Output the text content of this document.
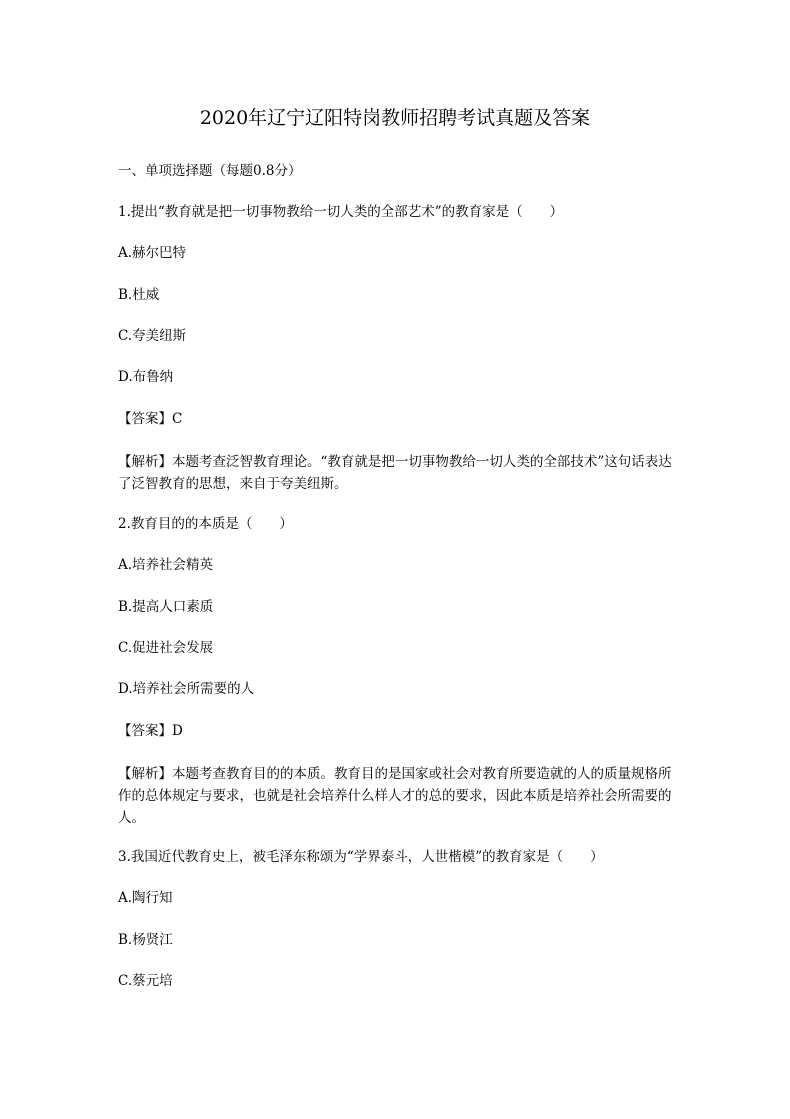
2020年辽宁辽阳特岗教师招聘考试真题及答案
一、单项选择题（每题0.8分）
1.提出“教育就是把一切事物教给一切人类的全部艺术”的教育家是（　　）
A.赫尔巴特
B.杜威
C.夸美纽斯
D.布鲁纳
【答案】C
【解析】本题考查泛智教育理论。“教育就是把一切事物教给一切人类的全部技术”这句话表达了泛智教育的思想，来自于夸美纽斯。
2.教育目的的本质是（　　）
A.培养社会精英
B.提高人口素质
C.促进社会发展
D.培养社会所需要的人
【答案】D
【解析】本题考查教育目的的本质。教育目的是国家或社会对教育所要造就的人的质量规格所作的总体规定与要求，也就是社会培养什么样人才的总的要求，因此本质是培养社会所需要的人。
3.我国近代教育史上，被毛泽东称颂为“学界泰斗，人世楷模”的教育家是（　　）
A.陶行知
B.杨贤江
C.蔡元培
